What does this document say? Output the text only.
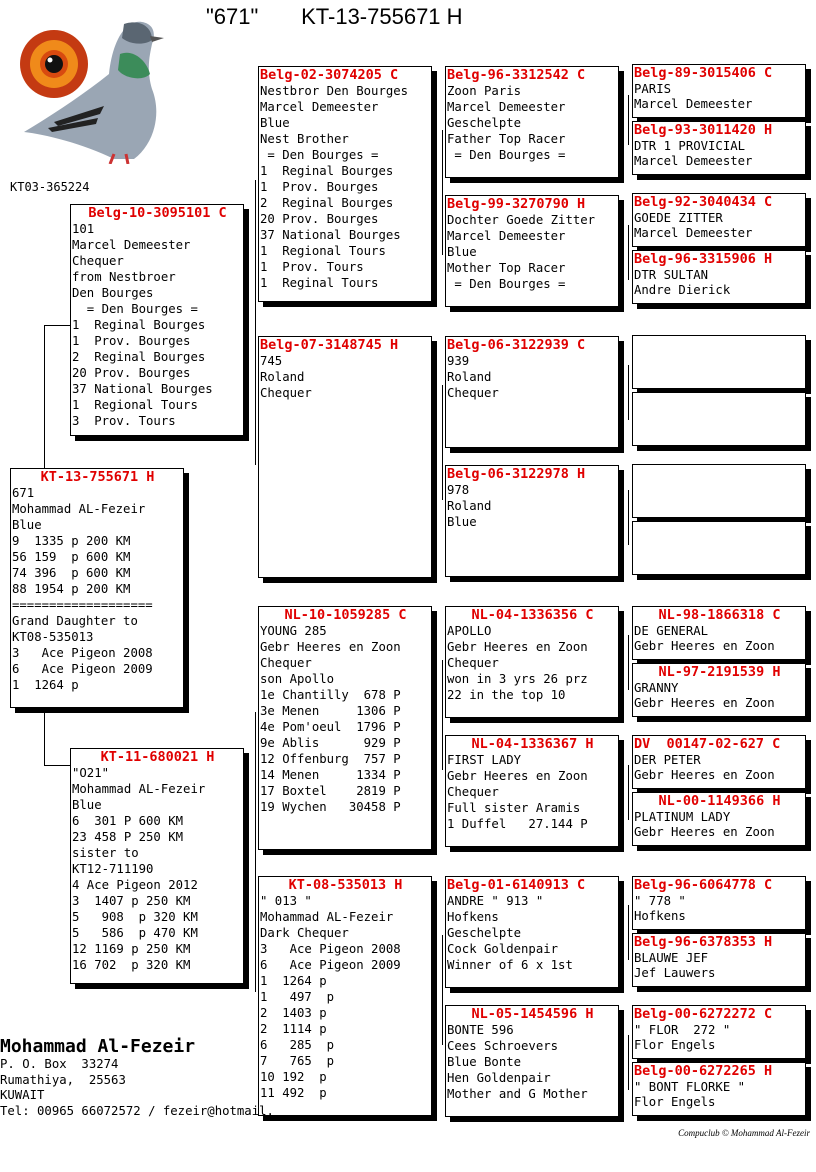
"671"       KT-13-755671 H
KT03-365224
KT-13-755671 H
671
Mohammad AL-Fezeir
Blue
9  1335 p 200 KM
56 159  p 600 KM
74 396  p 600 KM
88 1954 p 200 KM
===================
Grand Daughter to
KT08-535013
3   Ace Pigeon 2008
6   Ace Pigeon 2009
1  1264 p
Belg-10-3095101 C
101
Marcel Demeester
Chequer
from Nestbroer
Den Bourges
= Den Bourges =
1  Reginal Bourges
1  Prov. Bourges
2  Reginal Bourges
20 Prov. Bourges
37 National Bourges
1  Regional Tours
3  Prov. Tours
KT-11-680021 H
"O21"
Mohammad AL-Fezeir
Blue
6  301 P 600 KM
23 458 P 250 KM
sister to
KT12-711190
4 Ace Pigeon 2012
3  1407 p 250 KM
5   908  p 320 KM
5   586  p 470 KM
12 1169 p 250 KM
16 702  p 320 KM
Belg-02-3074205 C
Nestbror Den Bourges
Marcel Demeester
Blue
Nest Brother
= Den Bourges =
1  Reginal Bourges
1  Prov. Bourges
2  Reginal Bourges
20 Prov. Bourges
37 National Bourges
1  Regional Tours
1  Prov. Tours
1  Reginal Tours
Belg-07-3148745 H
745
Roland
Chequer
NL-10-1059285 C
YOUNG 285
Gebr Heeres en Zoon
Chequer
son Apollo
1e Chantilly  678 P
3e Menen     1306 P
4e Pom'oeul  1796 P
9e Ablis      929 P
12 Offenburg  757 P
14 Menen     1334 P
17 Boxtel    2819 P
19 Wychen   30458 P
KT-08-535013 H
" 013 "
Mohammad AL-Fezeir
Dark Chequer
3   Ace Pigeon 2008
6   Ace Pigeon 2009
1  1264 p
1   497  p
2  1403 p
2  1114 p
6   285  p
7   765  p
10 192  p
11 492  p
Belg-96-3312542 C
Zoon Paris
Marcel Demeester
Geschelpte
Father Top Racer
= Den Bourges =
Belg-99-3270790 H
Dochter Goede Zitter
Marcel Demeester
Blue
Mother Top Racer
= Den Bourges =
Belg-06-3122939 C
939
Roland
Chequer
Belg-06-3122978 H
978
Roland
Blue
NL-04-1336356 C
APOLLO
Gebr Heeres en Zoon
Chequer
won in 3 yrs 26 prz
22 in the top 10
NL-04-1336367 H
FIRST LADY
Gebr Heeres en Zoon
Chequer
Full sister Aramis
1 Duffel   27.144 P
Belg-01-6140913 C
ANDRE " 913 "
Hofkens
Geschelpte
Cock Goldenpair
Winner of 6 x 1st
NL-05-1454596 H
BONTE 596
Cees Schroevers
Blue Bonte
Hen Goldenpair
Mother and G Mother
Belg-89-3015406 C
PARIS
Marcel Demeester
Belg-93-3011420 H
DTR 1 PROVICIAL
Marcel Demeester
Belg-92-3040434 C
GOEDE ZITTER
Marcel Demeester
Belg-96-3315906 H
DTR SULTAN
Andre Dierick
NL-98-1866318 C
DE GENERAL
Gebr Heeres en Zoon
NL-97-2191539 H
GRANNY
Gebr Heeres en Zoon
DV  00147-02-627 C
DER PETER
Gebr Heeres en Zoon
NL-00-1149366 H
PLATINUM LADY
Gebr Heeres en Zoon
Belg-96-6064778 C
" 778 "
Hofkens
Belg-96-6378353 H
BLAUWE JEF
Jef Lauwers
Belg-00-6272272 C
" FLOR  272 "
Flor Engels
Belg-00-6272265 H
" BONT FLORKE "
Flor Engels
Mohammad Al-Fezeir
P. O. Box  33274
Rumathiya,  25563
KUWAIT
Tel: 00965 66072572 / fezeir@hotmail.
Compuclub © Mohammad Al-Fezeir
